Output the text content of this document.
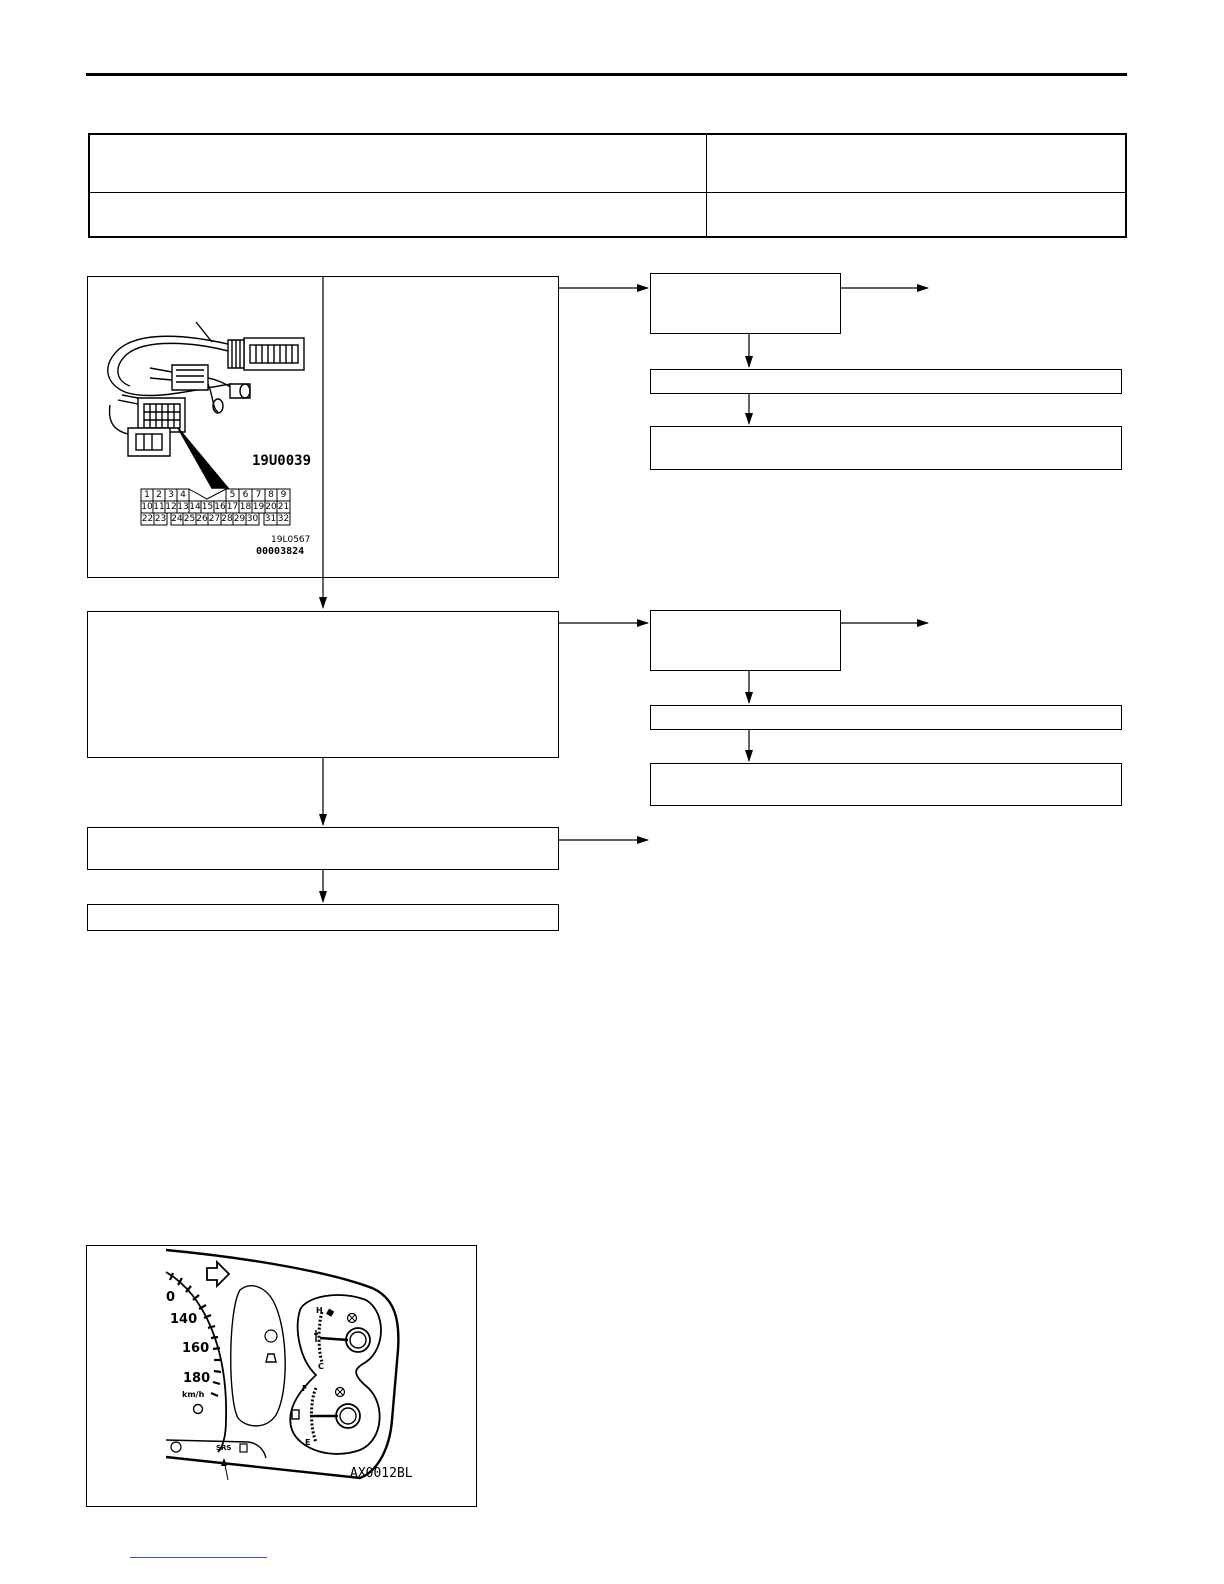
19U0039
19L0567
00003824
0
140
160
180
km/h
SRS
H
C
F
E
AX0012BL
1 2 3 4	5 6 7 8 9
10 11 12 13 14 15 16 17 18 19 20 21
22 23 24 25 26 27 28 29 30 31 32
